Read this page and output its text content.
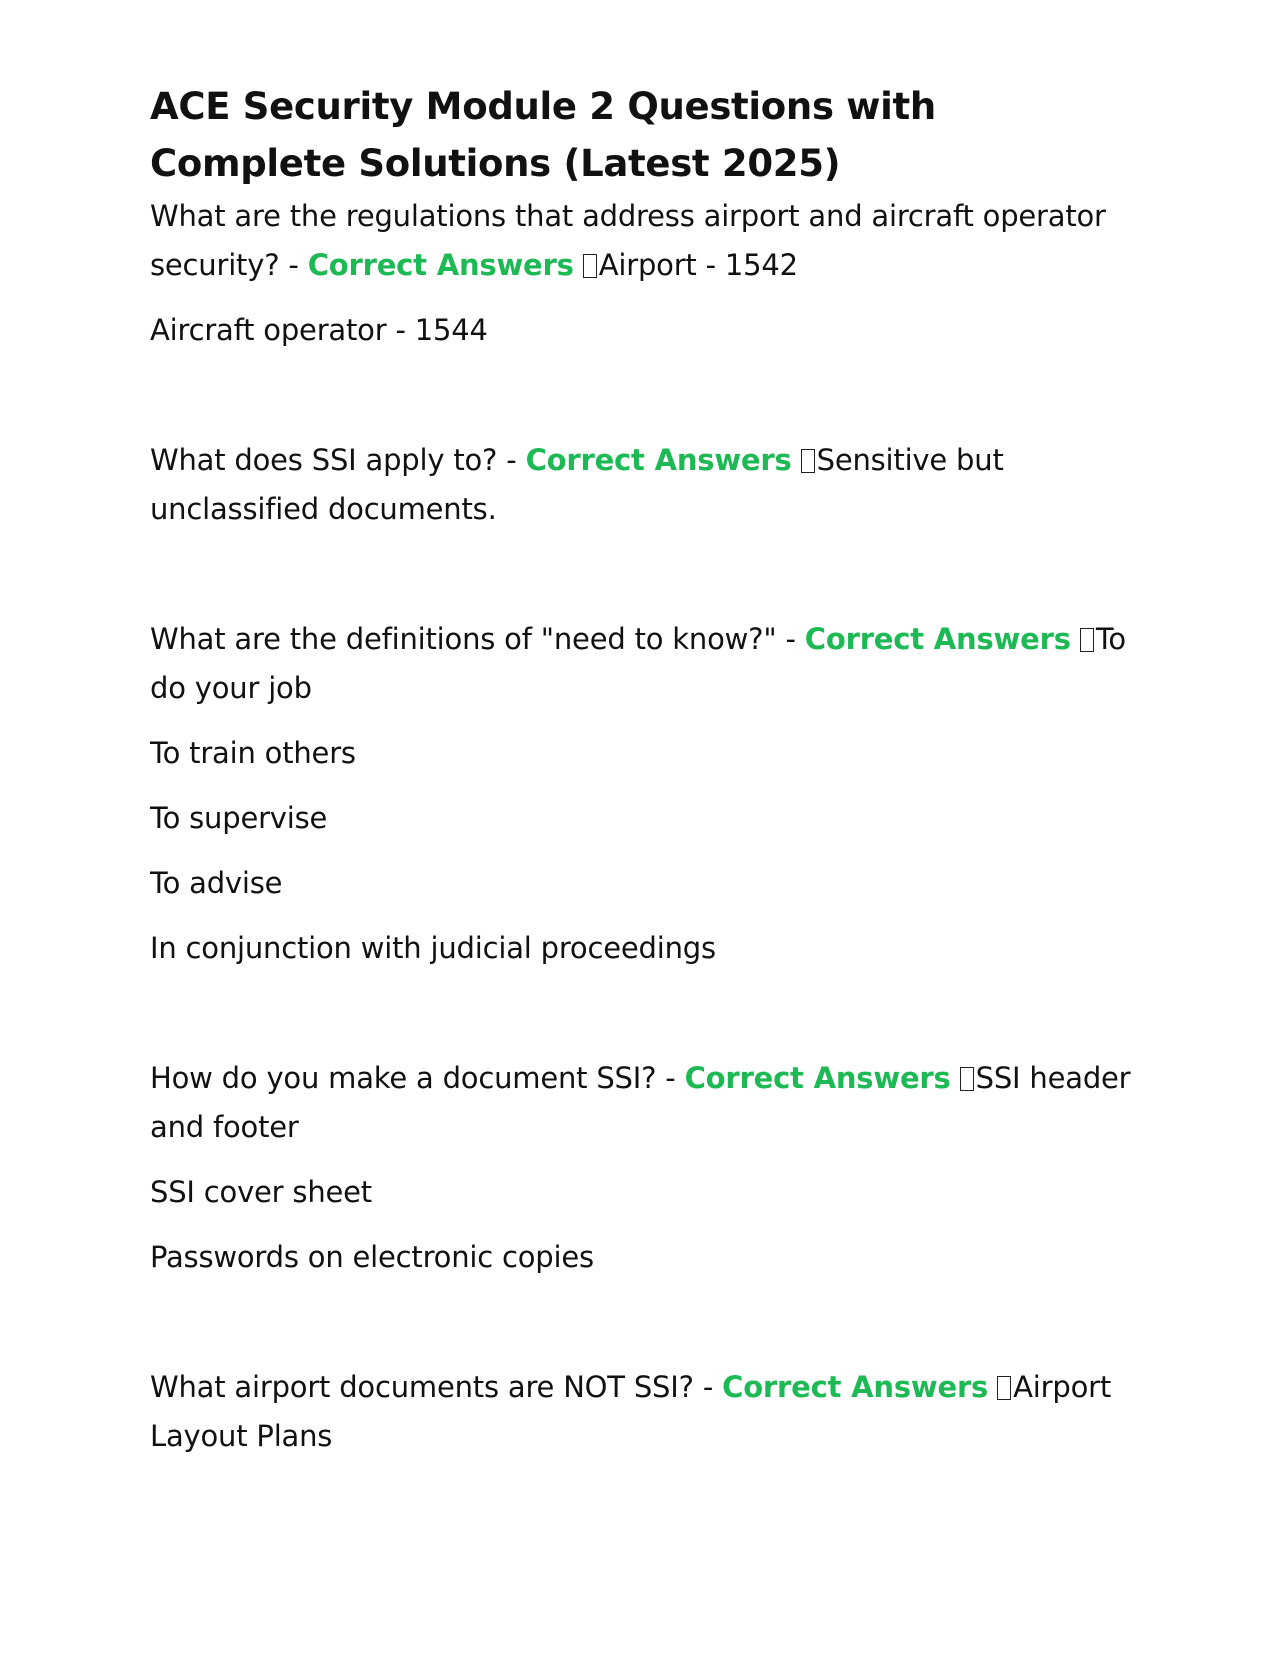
ACE Security Module 2 Questions with Complete Solutions (Latest 2025)

What are the regulations that address airport and aircraft operator security? - Correct Answers Airport - 1542

Aircraft operator - 1544

What does SSI apply to? - Correct Answers Sensitive but unclassified documents.

What are the definitions of "need to know?" - Correct Answers To do your job

To train others

To supervise

To advise

In conjunction with judicial proceedings

How do you make a document SSI? - Correct Answers SSI header and footer

SSI cover sheet

Passwords on electronic copies

What airport documents are NOT SSI? - Correct Answers Airport Layout Plans
